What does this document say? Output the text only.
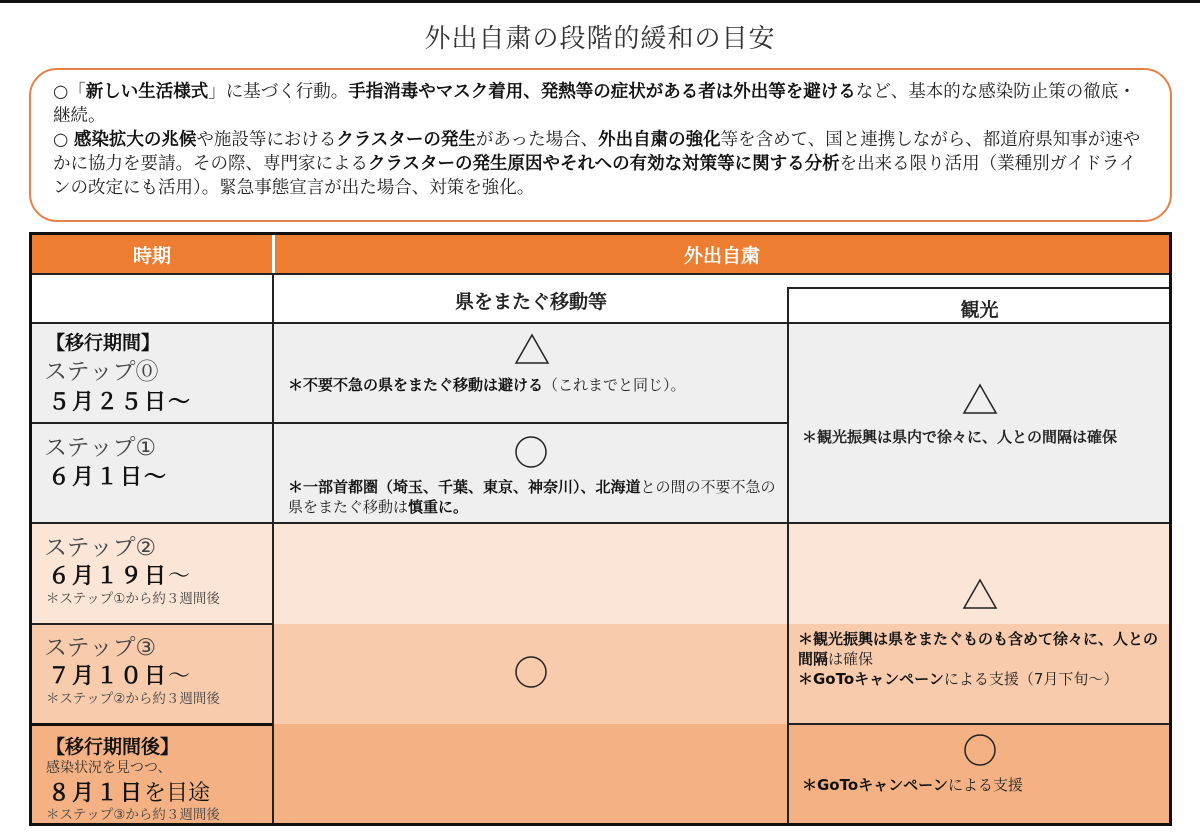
外出自粛の段階的緩和の目安

○「新しい生活様式」に基づく行動。手指消毒やマスク着用、発熱等の症状がある者は外出等を避けるなど、基本的な感染防止策の徹底・継続。

○ 感染拡大の兆候や施設等におけるクラスターの発生があった場合、外出自粛の強化等を含めて、国と連携しながら、都道府県知事が速やかに協力を要請。その際、専門家によるクラスターの発生原因やそれへの有効な対策等に関する分析を出来る限り活用（業種別ガイドラインの改定にも活用）。緊急事態宣言が出た場合、対策を強化。

時期	外出自粛
県をまたぐ移動等	観光
【移行期間】
ステップ⓪
５月２５日～
ステップ①
６月１日～
ステップ②
６月１９日～
＊ステップ①から約３週間後
ステップ③
７月１０日～
＊ステップ②から約３週間後
【移行期間後】
感染状況を見つつ、
８月１日を目途
＊ステップ③から約３週間後
＊不要不急の県をまたぐ移動は避ける（これまでと同じ）。
＊一部首都圏（埼玉、千葉、東京、神奈川）、北海道との間の不要不急の県をまたぐ移動は慎重に。
＊観光振興は県内で徐々に、人との間隔は確保
＊観光振興は県をまたぐものも含めて徐々に、人との間隔は確保
＊GoToキャンペーンによる支援（7月下旬～）
＊GoToキャンペーンによる支援
